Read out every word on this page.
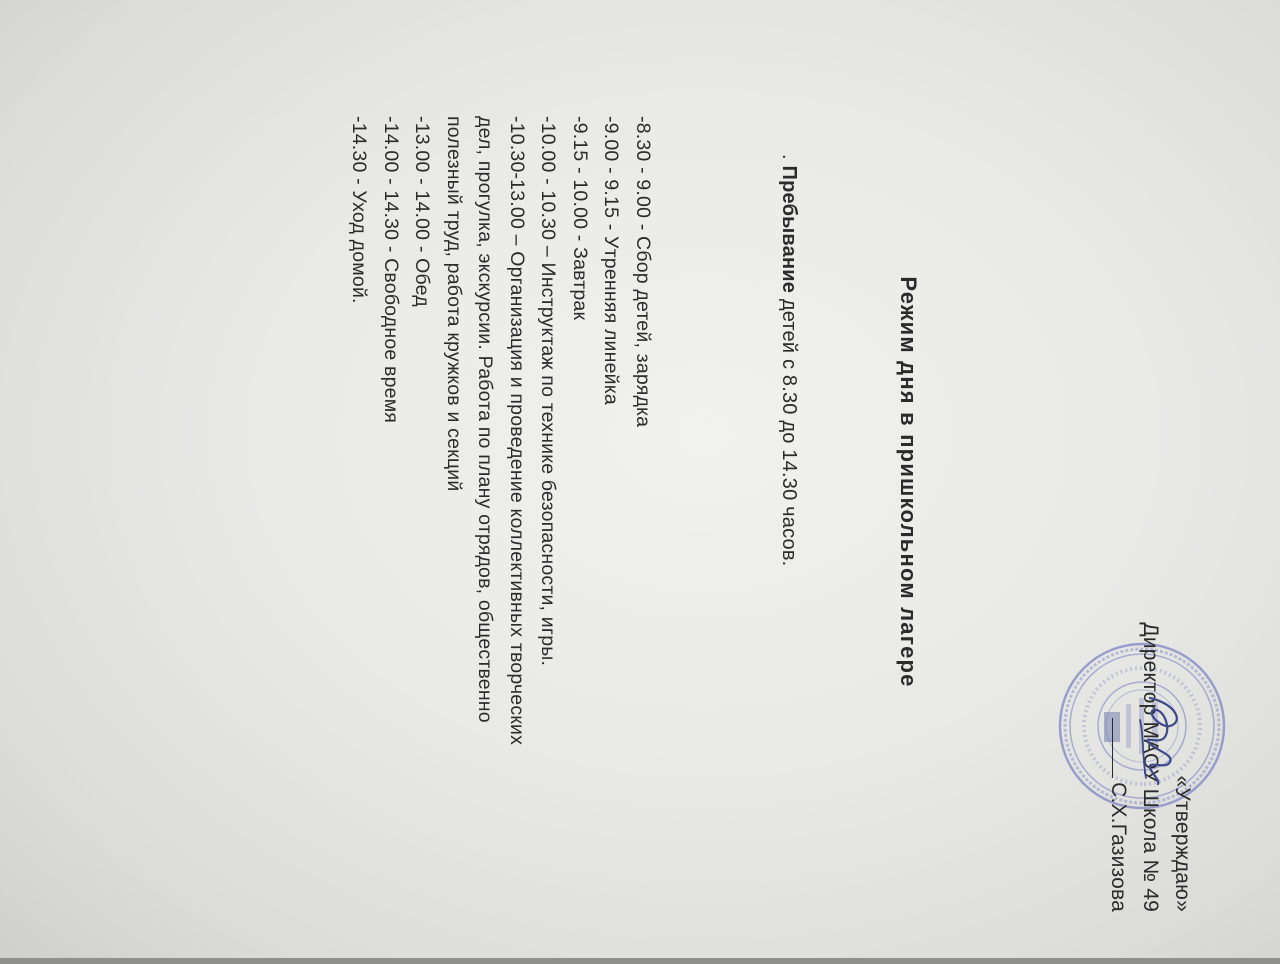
«Утверждаю»
Директор МАОУ Школа № 49
С.Х.Газизова
Режим дня в пришкольном лагере
. Пребывание детей с 8.30 до 14.30 часов.
-8.30 - 9.00 - Сбор детей, зарядка
-9.00 - 9.15 - Утренняя линейка
-9.15 - 10.00 - Завтрак
-10.00 - 10.30 – Инструктаж по технике безопасности, игры.
-10.30-13.00 – Организация и проведение коллективных творческих
дел, прогулка, экскурсии. Работа по плану отрядов, общественно
полезный труд, работа кружков и секций
-13.00 - 14.00 - Обед
-14.00 - 14.30 - Свободное время
-14.30 - Уход домой.
